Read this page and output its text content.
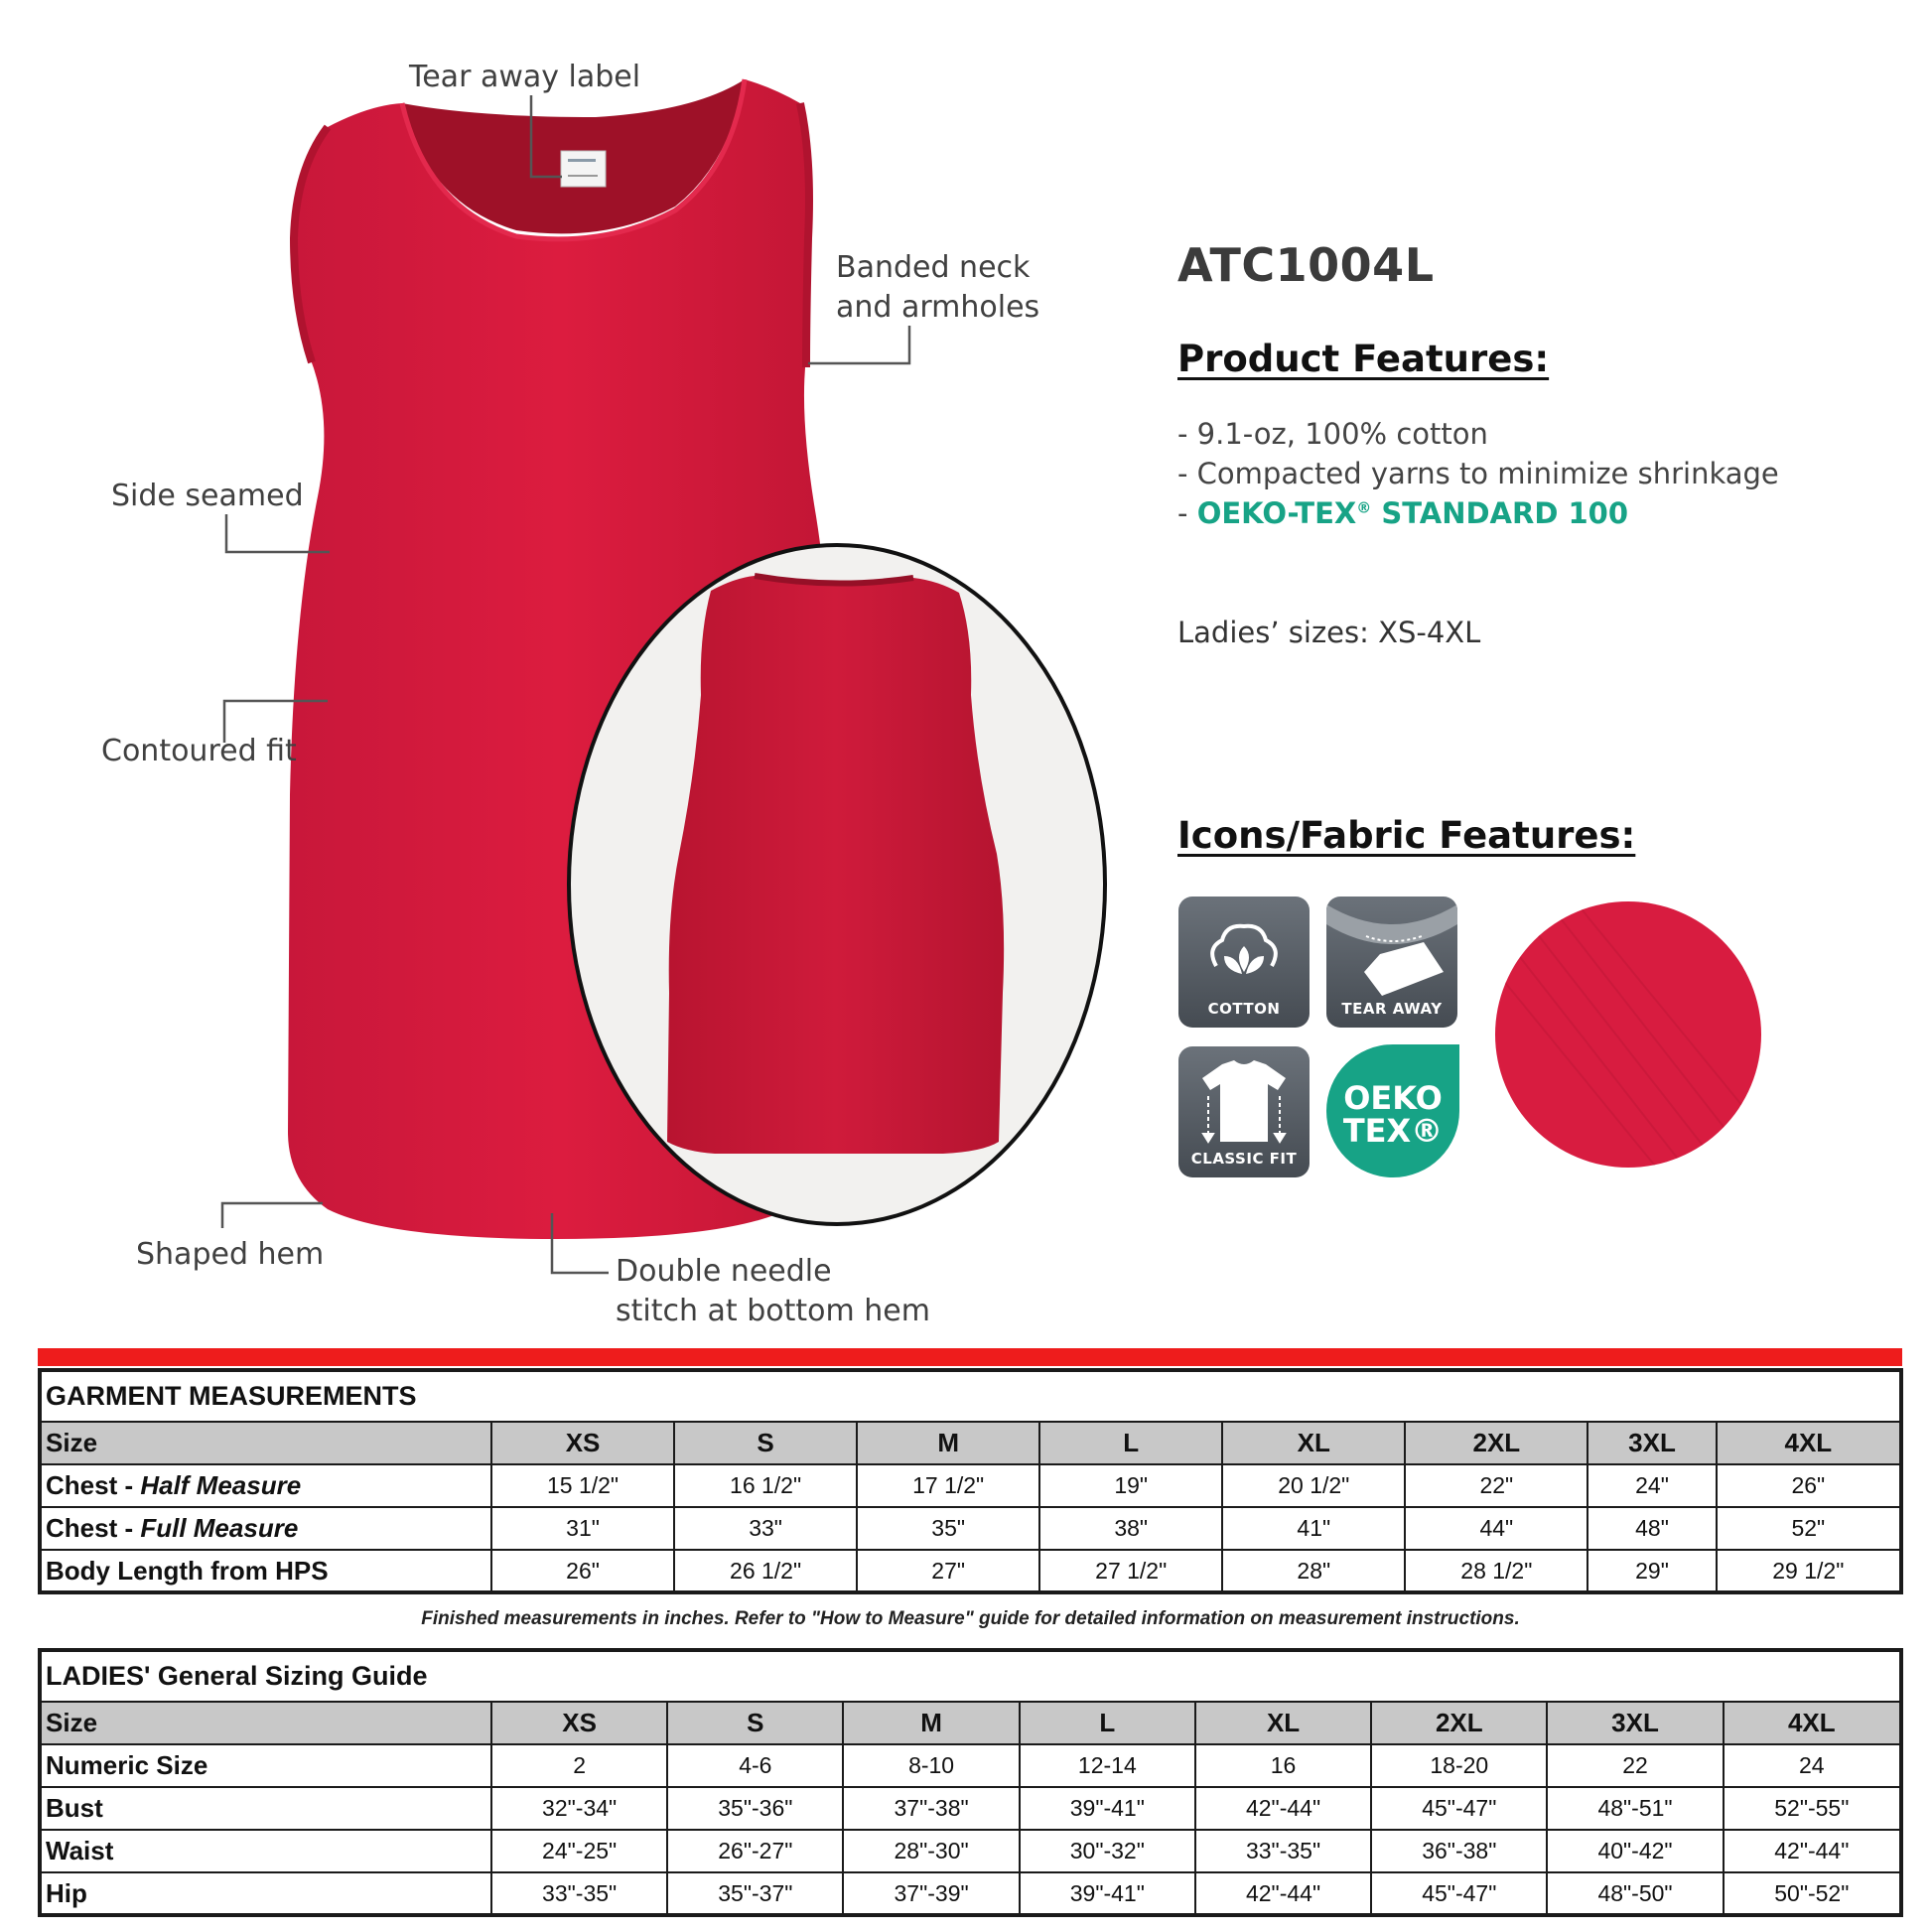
Tear away label
Banded neck
and armholes
Side seamed
Contoured fit
Shaped hem	Double needle
stitch at bottom hem
ATC1004L
Product Features:
- 9.1-oz, 100% cotton
- Compacted yarns to minimize shrinkage
- OEKO-TEX® STANDARD 100
Ladies’ sizes: XS-4XL
Icons/Fabric Features:
COTTON	TEAR AWAY
CLASSIC FIT
OEKO
TEX®
GARMENT MEASUREMENTS								
Size	XS	S	M	L	XL	2XL	3XL	4XL
Chest - Half Measure	15 1/2"	16 1/2"	17 1/2"	19"	20 1/2"	22"	24"	26"
Chest - Full Measure	31"	33"	35"	38"	41"	44"	48"	52"
Body Length from HPS	26"	26 1/2"	27"	27 1/2"	28"	28 1/2"	29"	29 1/2"
Finished measurements in inches. Refer to "How to Measure" guide for detailed information on measurement instructions.
LADIES' General Sizing Guide								
Size	XS	S	M	L	XL	2XL	3XL	4XL
Numeric Size	2	4-6	8-10	12-14	16	18-20	22	24
Bust	32"-34"	35"-36"	37"-38"	39"-41"	42"-44"	45"-47"	48"-51"	52"-55"
Waist	24"-25"	26"-27"	28"-30"	30"-32"	33"-35"	36"-38"	40"-42"	42"-44"
Hip	33"-35"	35"-37"	37"-39"	39"-41"	42"-44"	45"-47"	48"-50"	50"-52"
